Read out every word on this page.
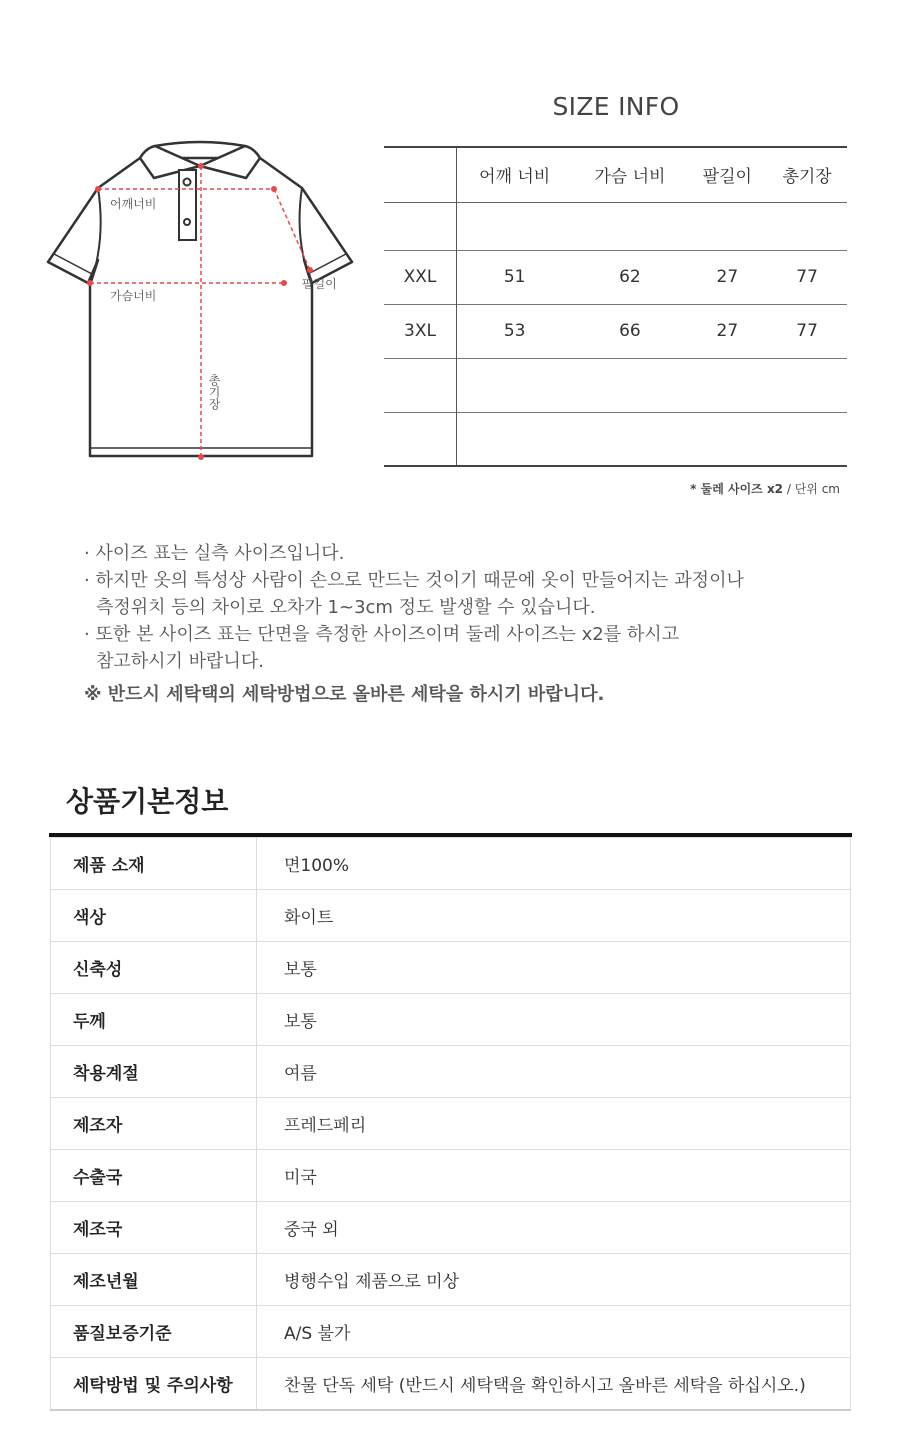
어깨너비
가슴너비
팔길이
총기장
SIZE INFO
	어깨 너비	가슴 너비	팔길이	총기장

XXL	51	62	27	77
3XL	53	66	27	77

* 둘레 사이즈 x2 / 단위 cm
· 사이즈 표는 실측 사이즈입니다.
· 하지만 옷의 특성상 사람이 손으로 만드는 것이기 때문에 옷이 만들어지는 과정이나
측정위치 등의 차이로 오차가 1~3cm 정도 발생할 수 있습니다.
· 또한 본 사이즈 표는 단면을 측정한 사이즈이며 둘레 사이즈는 x2를 하시고
참고하시기 바랍니다.
※ 반드시 세탁택의 세탁방법으로 올바른 세탁을 하시기 바랍니다.
상품기본정보
제품 소재	면100%
색상	화이트
신축성	보통
두께	보통
착용계절	여름
제조자	프레드페리
수출국	미국
제조국	중국 외
제조년월	병행수입 제품으로 미상
품질보증기준	A/S 불가
세탁방법 및 주의사항	찬물 단독 세탁 (반드시 세탁택을 확인하시고 올바른 세탁을 하십시오.)
